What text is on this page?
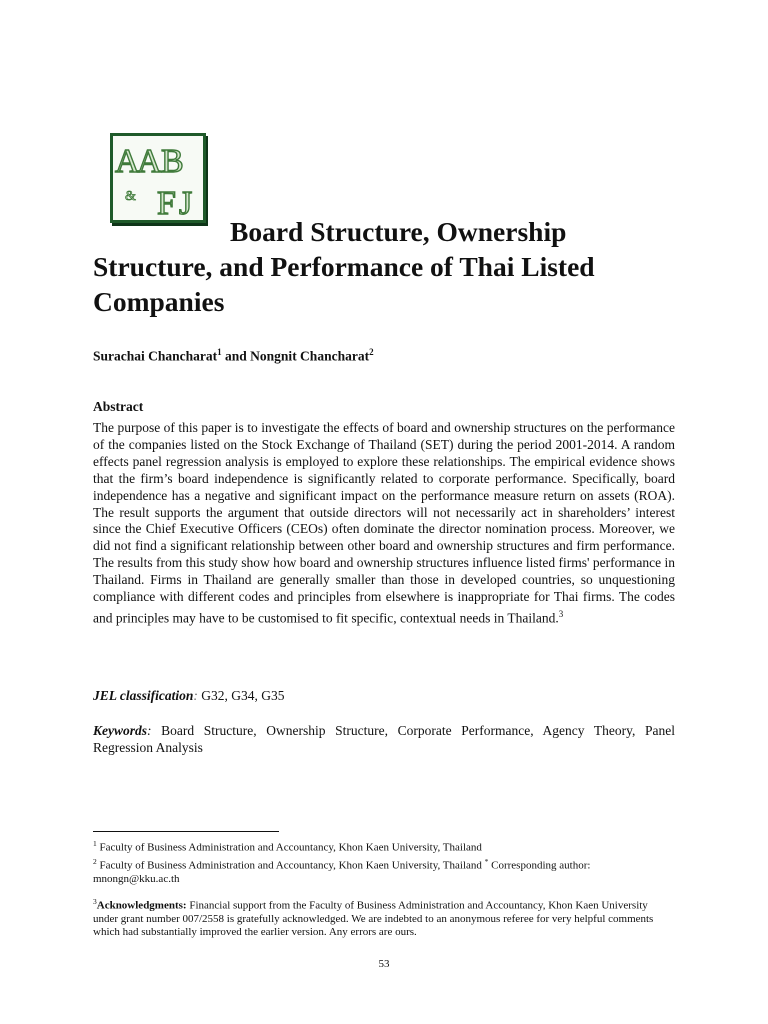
A
A B
F J
&
Board Structure, Ownership Structure, and Performance of Thai Listed Companies

Surachai Chancharat$^1$ and Nongnit Chancharat$^2$

Abstract

The purpose of this paper is to investigate the effects of board and ownership structures on the performance of the companies listed on the Stock Exchange of Thailand (SET) during the period 2001-2014. A random effects panel regression analysis is employed to explore these relationships. The empirical evidence shows that the firm’s board independence is significantly related to corporate performance. Specifically, board independence has a negative and significant impact on the performance measure return on assets (ROA). The result supports the argument that outside directors will not necessarily act in shareholders’ interest since the Chief Executive Officers (CEOs) often dominate the director nomination process. Moreover, we did not find a significant relationship between other board and ownership structures and firm performance. The results from this study show how board and ownership structures influence listed firms' performance in Thailand. Firms in Thailand are generally smaller than those in developed countries, so unquestioning compliance with different codes and principles from elsewhere is inappropriate for Thai firms. The codes and principles may have to be customised to fit specific, contextual needs in Thailand.$^3$

JEL classification: G32, G34, G35

Keywords: Board Structure, Ownership Structure, Corporate Performance, Agency Theory, Panel Regression Analysis

$^1$ Faculty of Business Administration and Accountancy, Khon Kaen University, Thailand

$^2$ Faculty of Business Administration and Accountancy, Khon Kaen University, Thailand * Corresponding author: mnongn@kku.ac.th

$^3$Acknowledgments: Financial support from the Faculty of Business Administration and Accountancy, Khon Kaen University under grant number 007/2558 is gratefully acknowledged. We are indebted to an anonymous referee for very helpful comments which had substantially improved the earlier version. Any errors are ours.

53
